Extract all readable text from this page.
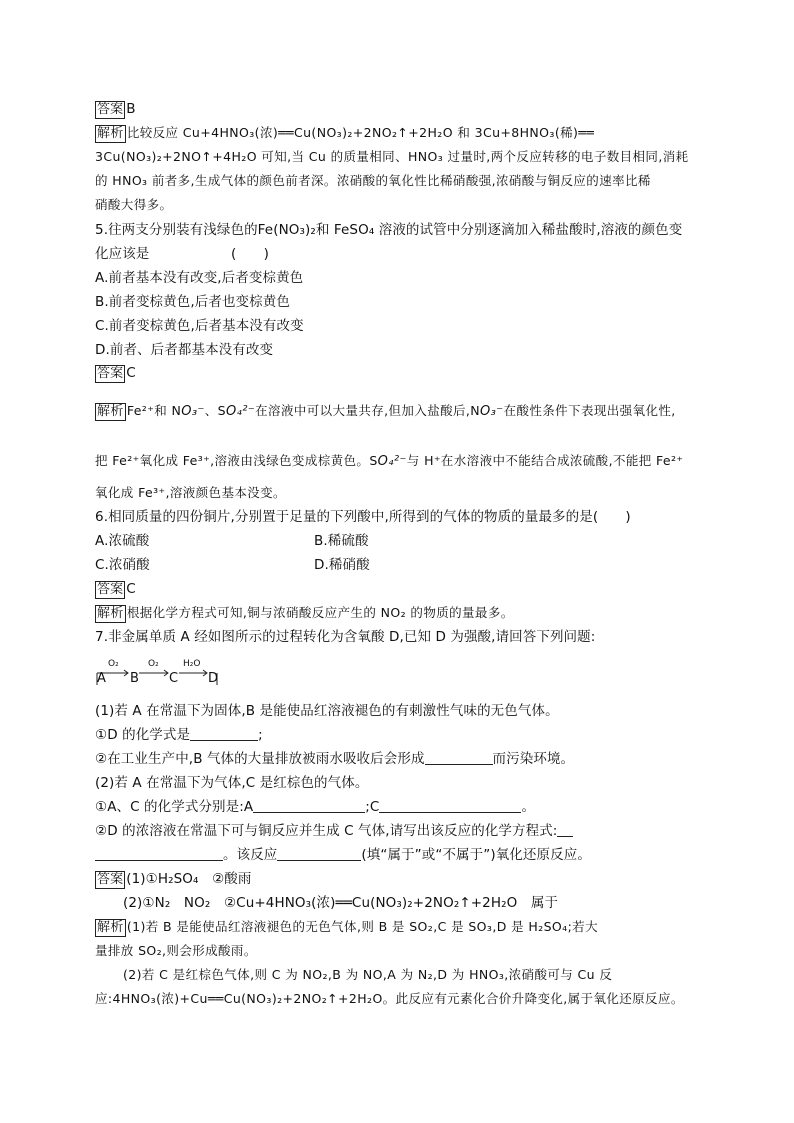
答案 B
解析 比较反应 Cu+4HNO₃(浓)══Cu(NO₃)₂+2NO₂↑+2H₂O 和 3Cu+8HNO₃(稀)══
3Cu(NO₃)₂+2NO↑+4H₂O 可知,当 Cu 的质量相同、HNO₃ 过量时,两个反应转移的电子数目相同,消耗
的 HNO₃ 前者多,生成气体的颜色前者深。浓硝酸的氧化性比稀硝酸强,浓硝酸与铜反应的速率比稀
硝酸大得多。
5.往两支分别装有浅绿色的Fe(NO₃)₂和 FeSO₄ 溶液的试管中分别逐滴加入稀盐酸时,溶液的颜色变
化应该是　　　　　　(　　)
A.前者基本没有改变,后者变棕黄色
B.前者变棕黄色,后者也变棕黄色
C.前者变棕黄色,后者基本没有改变
D.前者、后者都基本没有改变
答案 C
解析 Fe²⁺和 NO₃⁻、SO₄²⁻在溶液中可以大量共存,但加入盐酸后,NO₃⁻在酸性条件下表现出强氧化性,
把 Fe²⁺氧化成 Fe³⁺,溶液由浅绿色变成棕黄色。SO₄²⁻与 H⁺在水溶液中不能结合成浓硫酸,不能把 Fe²⁺
氧化成 Fe³⁺,溶液颜色基本没变。
6.相同质量的四份铜片,分别置于足量的下列酸中,所得到的气体的物质的量最多的是(　　)
A.浓硫酸	B.稀硫酸
C.浓硝酸	D.稀硝酸
答案 C
解析 根据化学方程式可知,铜与浓硝酸反应产生的 NO₂ 的物质的量最多。
7.非金属单质 A 经如图所示的过程转化为含氧酸 D,已知 D 为强酸,请回答下列问题:
A
O₂
B
O₂
C
H₂O
D
(1)若 A 在常温下为固体,B 是能使品红溶液褪色的有刺激性气味的无色气体。
①D 的化学式是	;
②在工业生产中,B 气体的大量排放被雨水吸收后会形成	而污染环境。
(2)若 A 在常温下为气体,C 是红棕色的气体。
①A、C 的化学式分别是:A	;C	。
②D 的浓溶液在常温下可与铜反应并生成 C 气体,请写出该反应的化学方程式:
。该反应	(填“属于”或“不属于”)氧化还原反应。
答案 (1)①H₂SO₄　②酸雨
(2)①N₂　NO₂　②Cu+4HNO₃(浓)══Cu(NO₃)₂+2NO₂↑+2H₂O　属于
解析 (1)若 B 是能使品红溶液褪色的无色气体,则 B 是 SO₂,C 是 SO₃,D 是 H₂SO₄;若大
量排放 SO₂,则会形成酸雨。
(2)若 C 是红棕色气体,则 C 为 NO₂,B 为 NO,A 为 N₂,D 为 HNO₃,浓硝酸可与 Cu 反
应:4HNO₃(浓)+Cu══Cu(NO₃)₂+2NO₂↑+2H₂O。此反应有元素化合价升降变化,属于氧化还原反应。
